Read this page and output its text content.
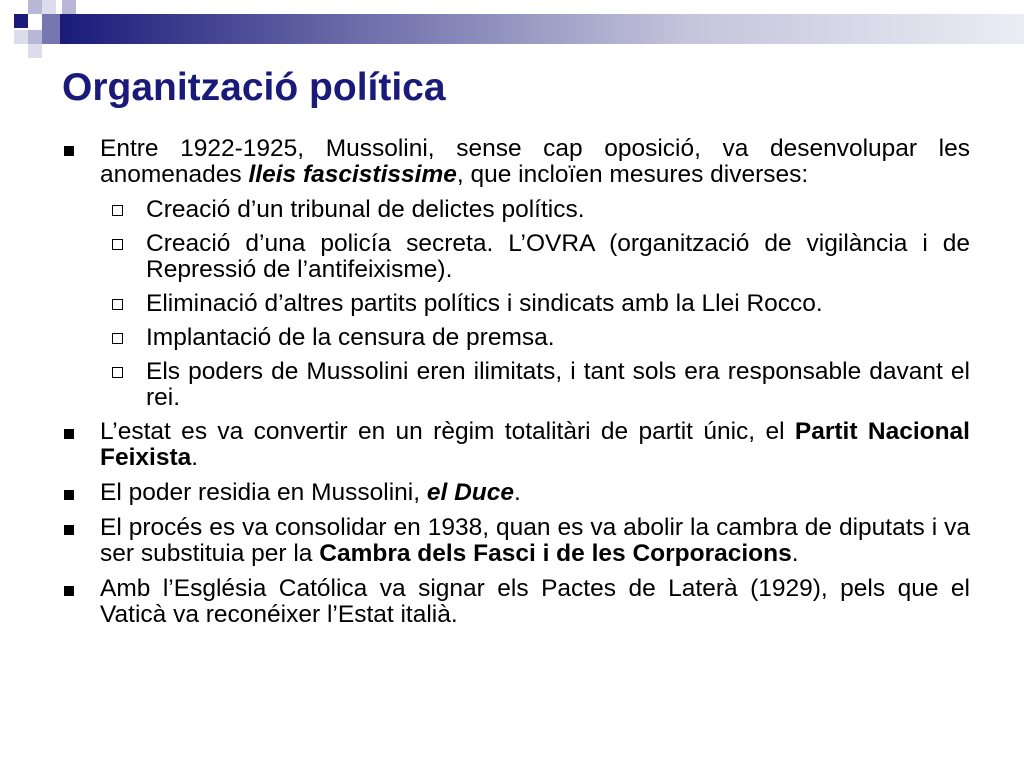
Organització política
Entre 1922-1925, Mussolini, sense cap oposició, va desenvolupar les anomenades lleis fascistissime, que incloïen mesures diverses:
Creació d’un tribunal de delictes polítics.
Creació d’una policía secreta. L’OVRA (organització de vigilància i de Repressió de l’antifeixisme).
Eliminació d’altres partits polítics i sindicats amb la Llei Rocco.
Implantació de la censura de premsa.
Els poders de Mussolini eren ilimitats, i tant sols era responsable davant el rei.
L’estat es va convertir en un règim totalitàri de partit únic, el Partit Nacional Feixista.
El poder residia en Mussolini, el Duce.
El procés es va consolidar en 1938, quan es va abolir la cambra de diputats i va ser substituia per la Cambra dels Fasci i de les Corporacions.
Amb l’Església Católica va signar els Pactes de Laterà (1929), pels que el Vaticà va reconéixer l’Estat italià.
